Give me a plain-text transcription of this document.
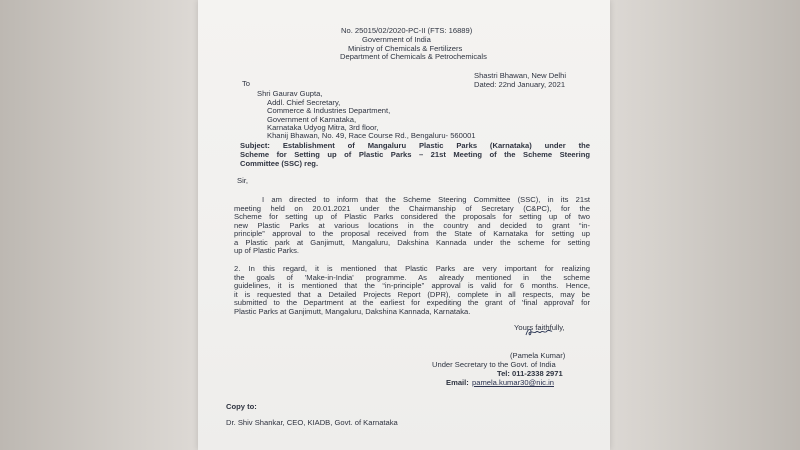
No. 25015/02/2020-PC-II (FTS: 16889)
Government of India
Ministry of Chemicals & Fertilizers
Department of Chemicals & Petrochemicals
Shastri Bhawan, New Delhi
Dated: 22nd January, 2021
To
Shri Gaurav Gupta,
Addl. Chief Secretary,
Commerce & Industries Department,
Government of Karnataka,
Karnataka Udyog Mitra, 3rd floor,
Khanij Bhawan, No. 49, Race Course Rd., Bengaluru- 560001
Subject: Establishment of Mangaluru Plastic Parks (Karnataka) under the
Scheme for Setting up of Plastic Parks – 21st Meeting of the Scheme Steering
Committee (SSC) reg.
Sir,
I am directed to inform that the Scheme Steering Committee (SSC), in its 21st
meeting held on 20.01.2021 under the Chairmanship of Secretary (C&PC), for the
Scheme for setting up of Plastic Parks considered the proposals for setting up of two
new Plastic Parks at various locations in the country and decided to grant “in-
principle” approval to the proposal received from the State of Karnataka for setting up
a Plastic park at Ganjimutt, Mangaluru, Dakshina Kannada under the scheme for setting
up of Plastic Parks.
2. In this regard, it is mentioned that Plastic Parks are very important for realizing
the goals of 'Make-in-India' programme. As already mentioned in the scheme
guidelines, it is mentioned that the “in-principle” approval is valid for 6 months. Hence,
it is requested that a Detailed Projects Report (DPR), complete in all respects, may be
submitted to the Department at the earliest for expediting the grant of 'final approval' for
Plastic Parks at Ganjimutt, Mangaluru, Dakshina Kannada, Karnataka.
Yours faithfully,
(Pamela Kumar)
Under Secretary to the Govt. of India
Tel: 011-2338 2971
Email: pamela.kumar30@nic.in
Copy to:
Dr. Shiv Shankar, CEO, KIADB, Govt. of Karnataka
